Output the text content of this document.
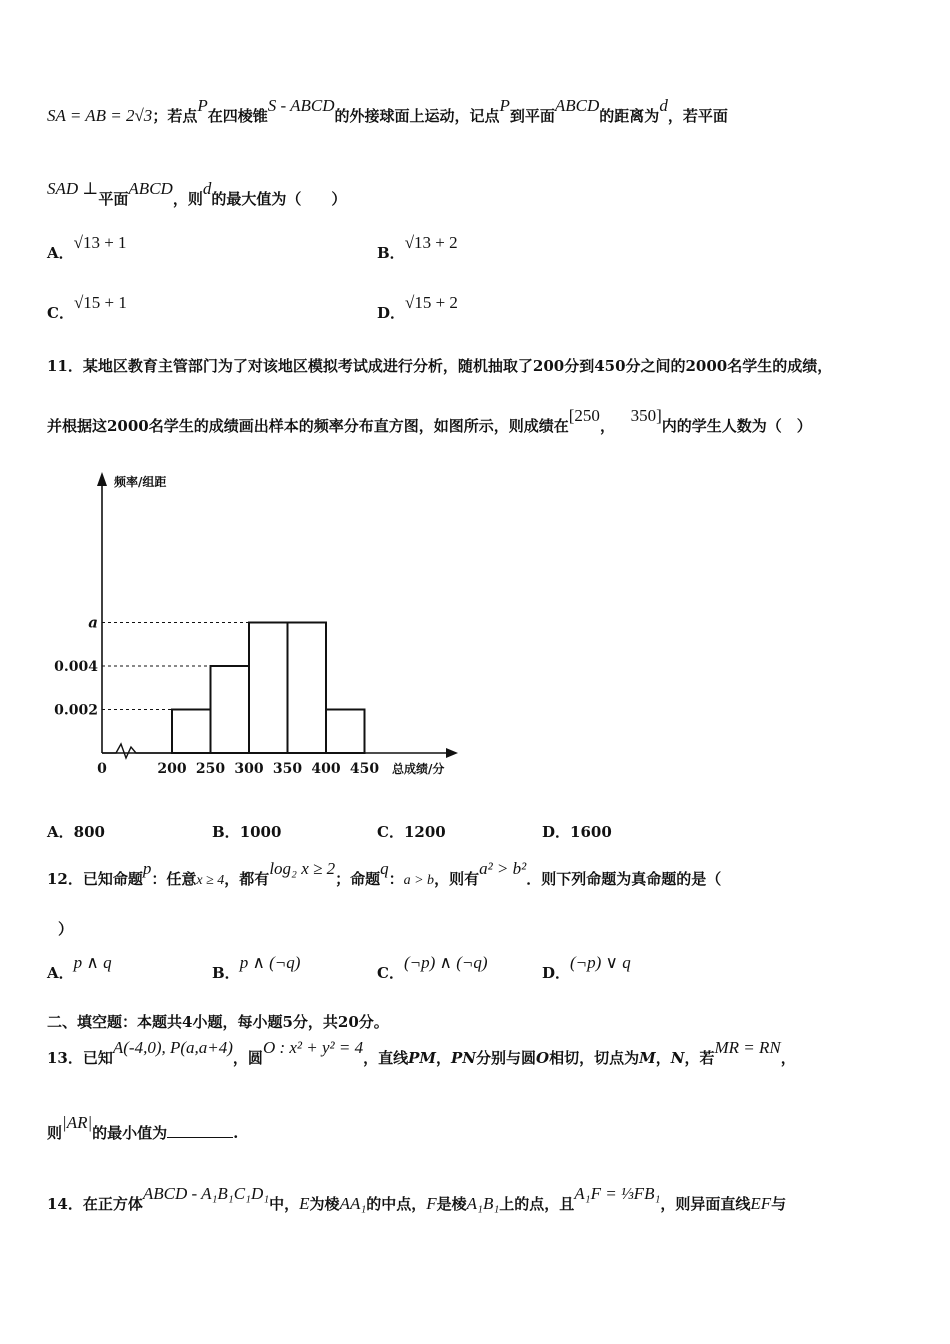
SA = AB = 2√3；若点P在四棱锥S - ABCD的外接球面上运动，记点P到平面ABCD的距离为d，若平面
SAD ⊥平面ABCD，则d的最大值为（　　）
A．√13 + 1
B．√13 + 2
C．√15 + 1
D．√15 + 2
11．某地区教育主管部门为了对该地区模拟考试成进行分析，随机抽取了200分到450分之间的2000名学生的成绩，
并根据这2000名学生的成绩画出样本的频率分布直方图，如图所示，则成绩在[250，   350]内的学生人数为（　）
0.002
0.004
a
0	200 250 300 350 400 450
频率/组距
总成绩/分
A．800	B．1000	C．1200	D．1600
12．已知命题p：任意x ≥ 4，都有log₂ x ≥ 2；命题q：a > b，则有a² > b²．则下列命题为真命题的是（
）
A．p ∧ q
B．p ∧ (¬q)
C．(¬p) ∧ (¬q)
D．(¬p) ∨ q
二、填空题：本题共4小题，每小题5分，共20分。
13．已知A(-4,0), P(a,a+4)，圆O : x² + y² = 4，直线PM，PN分别与圆O相切，切点为M，N，若MR = RN，
则|AR|的最小值为	.
14．在正方体ABCD - A₁B₁C₁D₁中，E为棱AA₁的中点，F是棱A₁B₁上的点，且A₁F = ⅓FB₁，则异面直线EF与
